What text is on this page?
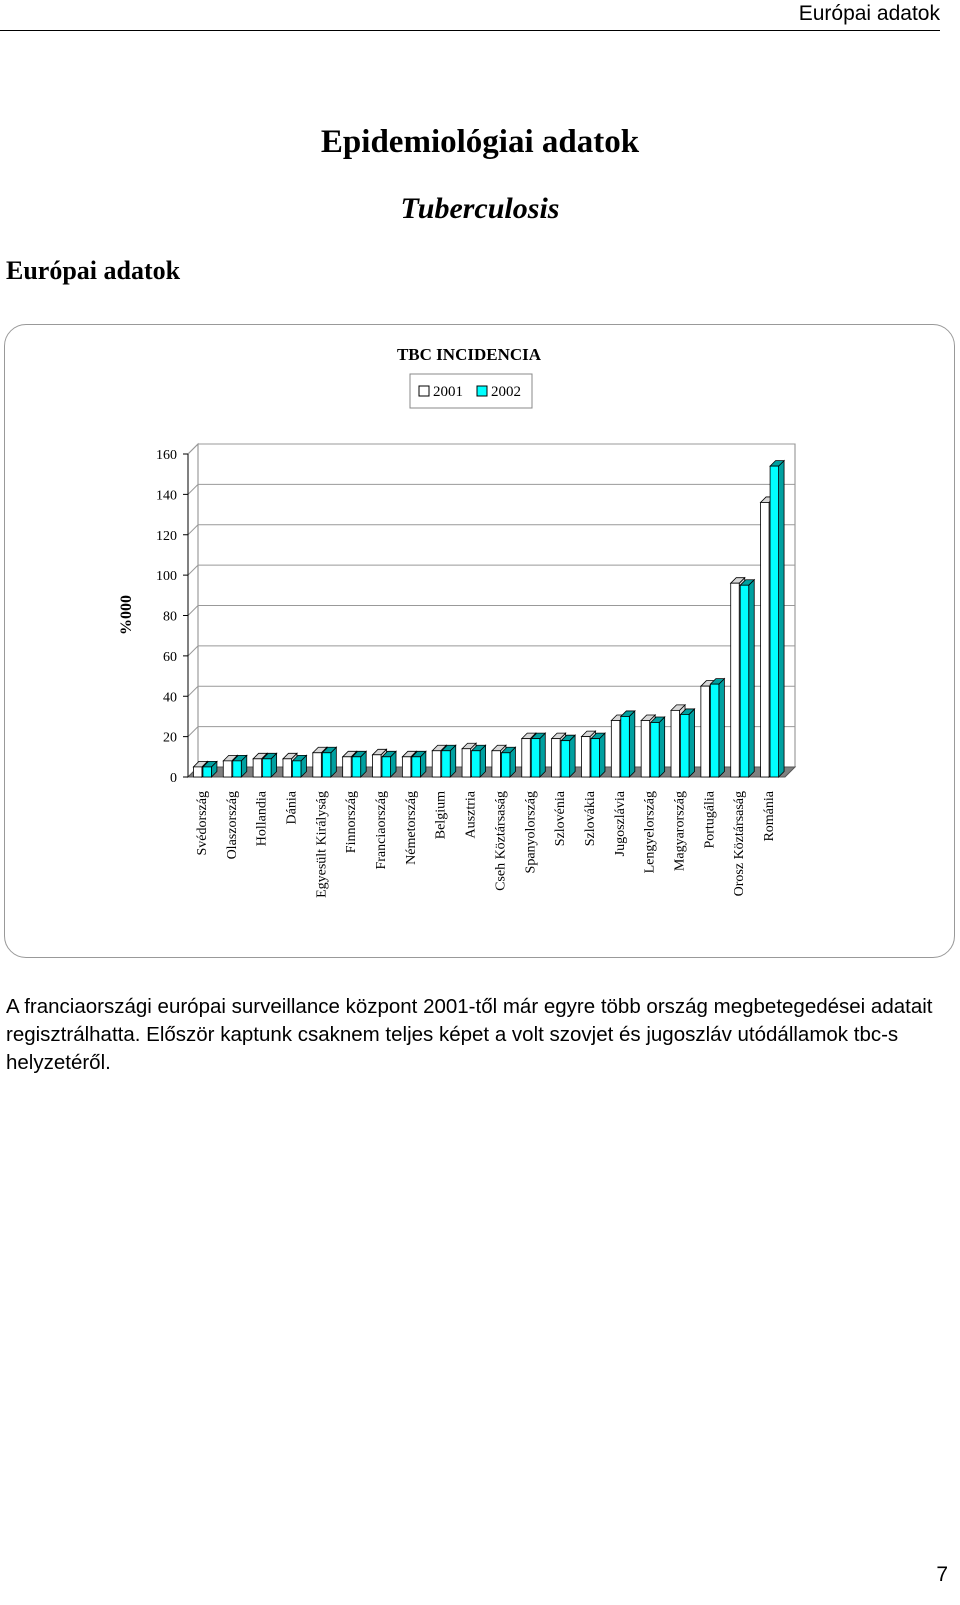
Európai adatok
Epidemiológiai adatok
Tuberculosis
Európai adatok
TBC INCIDENCIA
2001 2002
0
20
40
60
80
100
120
140
160
%000
Svédország Olaszország Hollandia Dánia Egyesült Királyság Finnország Franciaország Németország Belgium Ausztria Cseh Köztársaság Spanyolország Szlovénia Szlovákia Jugoszlávia Lengyelország Magyarország Portugália Orosz Köztársaság Románia
A franciaországi európai surveillance központ 2001-től már egyre több ország megbetegedései adatait regisztrálhatta. Először kaptunk csaknem teljes képet a volt szovjet és jugoszláv utódállamok tbc-s helyzetéről.
7
